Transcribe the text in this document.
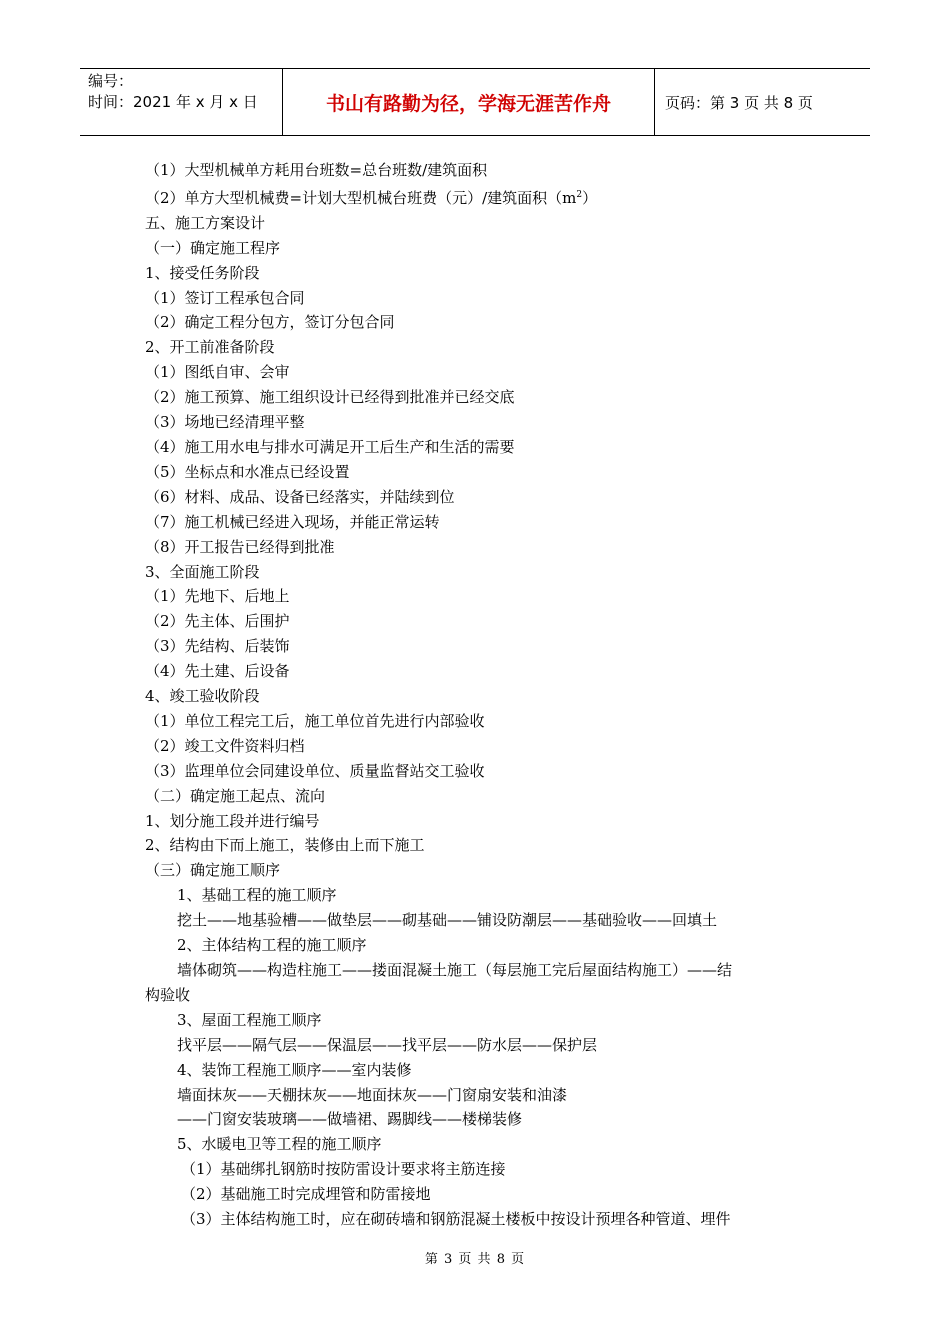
编号：
时间：2021 年 x 月 x 日	书山有路勤为径，学海无涯苦作舟	页码：第 3 页 共 8 页
（1）大型机械单方耗用台班数=总台班数/建筑面积
（2）单方大型机械费=计划大型机械台班费（元）/建筑面积$(m^2)$
五、施工方案设计
（一）确定施工程序
1、接受任务阶段
（1）签订工程承包合同
（2）确定工程分包方，签订分包合同
2、开工前准备阶段
（1）图纸自审、会审
（2）施工预算、施工组织设计已经得到批准并已经交底
（3）场地已经清理平整
（4）施工用水电与排水可满足开工后生产和生活的需要
（5）坐标点和水准点已经设置
（6）材料、成品、设备已经落实，并陆续到位
（7）施工机械已经进入现场，并能正常运转
（8）开工报告已经得到批准
3、全面施工阶段
（1）先地下、后地上
（2）先主体、后围护
（3）先结构、后装饰
（4）先土建、后设备
4、竣工验收阶段
（1）单位工程完工后，施工单位首先进行内部验收
（2）竣工文件资料归档
（3）监理单位会同建设单位、质量监督站交工验收
（二）确定施工起点、流向
1、划分施工段并进行编号
2、结构由下而上施工，装修由上而下施工
（三）确定施工顺序
1、基础工程的施工顺序
挖土——地基验槽——做垫层——砌基础——铺设防潮层——基础验收——回填土
2、主体结构工程的施工顺序
墙体砌筑——构造柱施工——搂面混凝土施工（每层施工完后屋面结构施工）——结
构验收
3、屋面工程施工顺序
找平层——隔气层——保温层——找平层——防水层——保护层
4、装饰工程施工顺序——室内装修
墙面抹灰——天棚抹灰——地面抹灰——门窗扇安装和油漆
——门窗安装玻璃——做墙裙、踢脚线——楼梯装修
5、水暖电卫等工程的施工顺序
（1）基础绑扎钢筋时按防雷设计要求将主筋连接
（2）基础施工时完成埋管和防雷接地
（3）主体结构施工时，应在砌砖墙和钢筋混凝土楼板中按设计预埋各种管道、埋件
第 3 页 共 8 页
